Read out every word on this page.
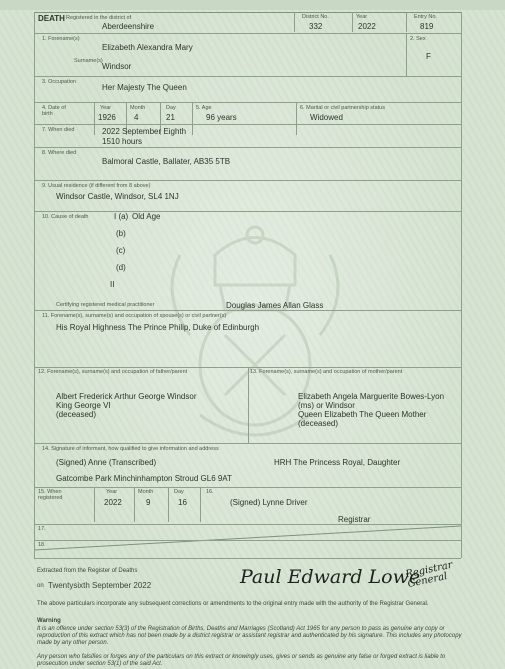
DEATH Registered in the district of
Aberdeenshire
District No.
332
Year
2022
Entry No.
819
1. Forename(s)
Elizabeth Alexandra Mary
Surname(s)
Windsor
2. Sex
F
3. Occupation
Her Majesty The Queen
4. Date of birth
Year
1926
Month
4
Day
21
5. Age
96 years
6. Marital or civil partnership status
Widowed
7. When died	2022 September Eighth
1510 hours
8. Where died
Balmoral Castle, Ballater, AB35 5TB
9. Usual residence (if different from 8 above)
Windsor Castle, Windsor, SL4 1NJ
10. Cause of death	I (a) Old Age
(b)
(c)
(d)
II
Certifying registered medical practitioner	Douglas James Allan Glass
11. Forename(s), surname(s) and occupation of spouse(s) or civil partner(s)
His Royal Highness The Prince Philip, Duke of Edinburgh
12. Forename(s), surname(s) and occupation of father/parent	13. Forename(s), surname(s) and occupation of mother/parent
Albert Frederick Arthur George Windsor
King George VI
(deceased)
Elizabeth Angela Marguerite Bowes-Lyon
(ms) or Windsor
Queen Elizabeth The Queen Mother
(deceased)
14. Signature of informant, how qualified to give information and address
(Signed) Anne (Transcribed)	HRH The Princess Royal, Daughter
Gatcombe Park Minchinhampton Stroud GL6 9AT
15. When registered
Year
2022
Month
9
Day
16
16.
(Signed) Lynne Driver
Registrar
17.
18.
Extracted from the Register of Deaths
on Twentysixth September 2022	Paul Edward Lowe
Registrar General
The above particulars incorporate any subsequent corrections or amendments to the original entry made with the authority of the Registrar General.
Warning
It is an offence under section 53(3) of the Registration of Births, Deaths and Marriages (Scotland) Act 1965 for any person to pass as genuine any copy or reproduction of this extract which has not been made by a district registrar or assistant registrar and authenticated by his signature. This includes any photocopy made by any other person.
Any person who falsifies or forges any of the particulars on this extract or knowingly uses, gives or sends as genuine any false or forged extract is liable to prosecution under section 53(1) of the said Act.
